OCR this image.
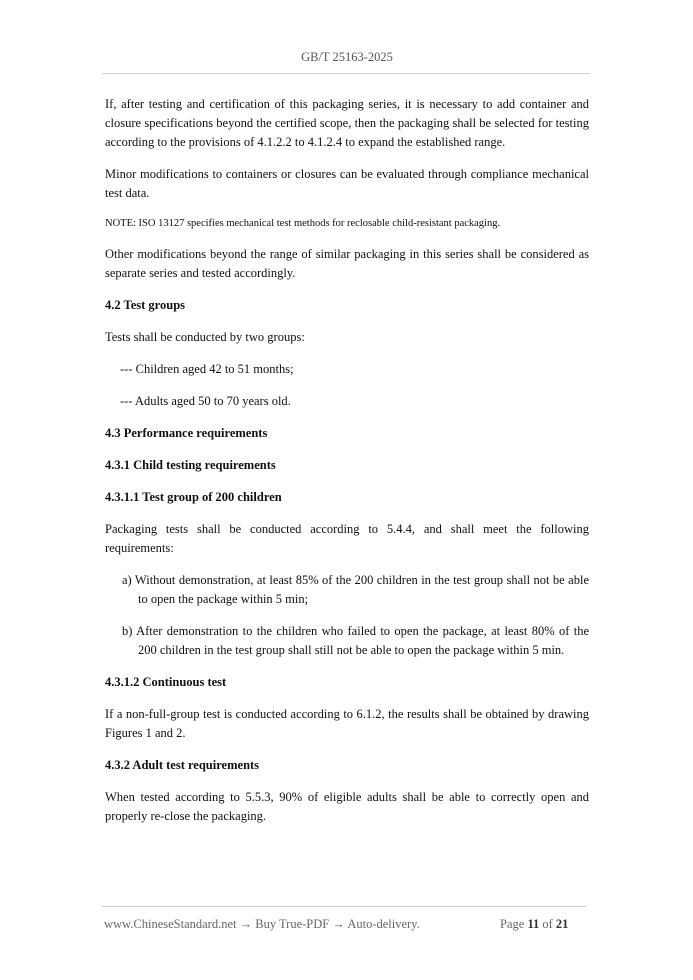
GB/T 25163-2025

If, after testing and certification of this packaging series, it is necessary to add container and closure specifications beyond the certified scope, then the packaging shall be selected for testing according to the provisions of 4.1.2.2 to 4.1.2.4 to expand the established range.

Minor modifications to containers or closures can be evaluated through compliance mechanical test data.

NOTE: ISO 13127 specifies mechanical test methods for reclosable child-resistant packaging.

Other modifications beyond the range of similar packaging in this series shall be considered as separate series and tested accordingly.

4.2 Test groups

Tests shall be conducted by two groups:

--- Children aged 42 to 51 months;

--- Adults aged 50 to 70 years old.

4.3 Performance requirements

4.3.1 Child testing requirements

4.3.1.1 Test group of 200 children

Packaging tests shall be conducted according to 5.4.4, and shall meet the following requirements:

a) Without demonstration, at least 85% of the 200 children in the test group shall not be able to open the package within 5 min;

b) After demonstration to the children who failed to open the package, at least 80% of the 200 children in the test group shall still not be able to open the package within 5 min.

4.3.1.2 Continuous test

If a non-full-group test is conducted according to 6.1.2, the results shall be obtained by drawing Figures 1 and 2.

4.3.2 Adult test requirements

When tested according to 5.5.3, 90% of eligible adults shall be able to correctly open and properly re-close the packaging.

www.ChineseStandard.net → Buy True-PDF → Auto-delivery.	Page 11 of 21
